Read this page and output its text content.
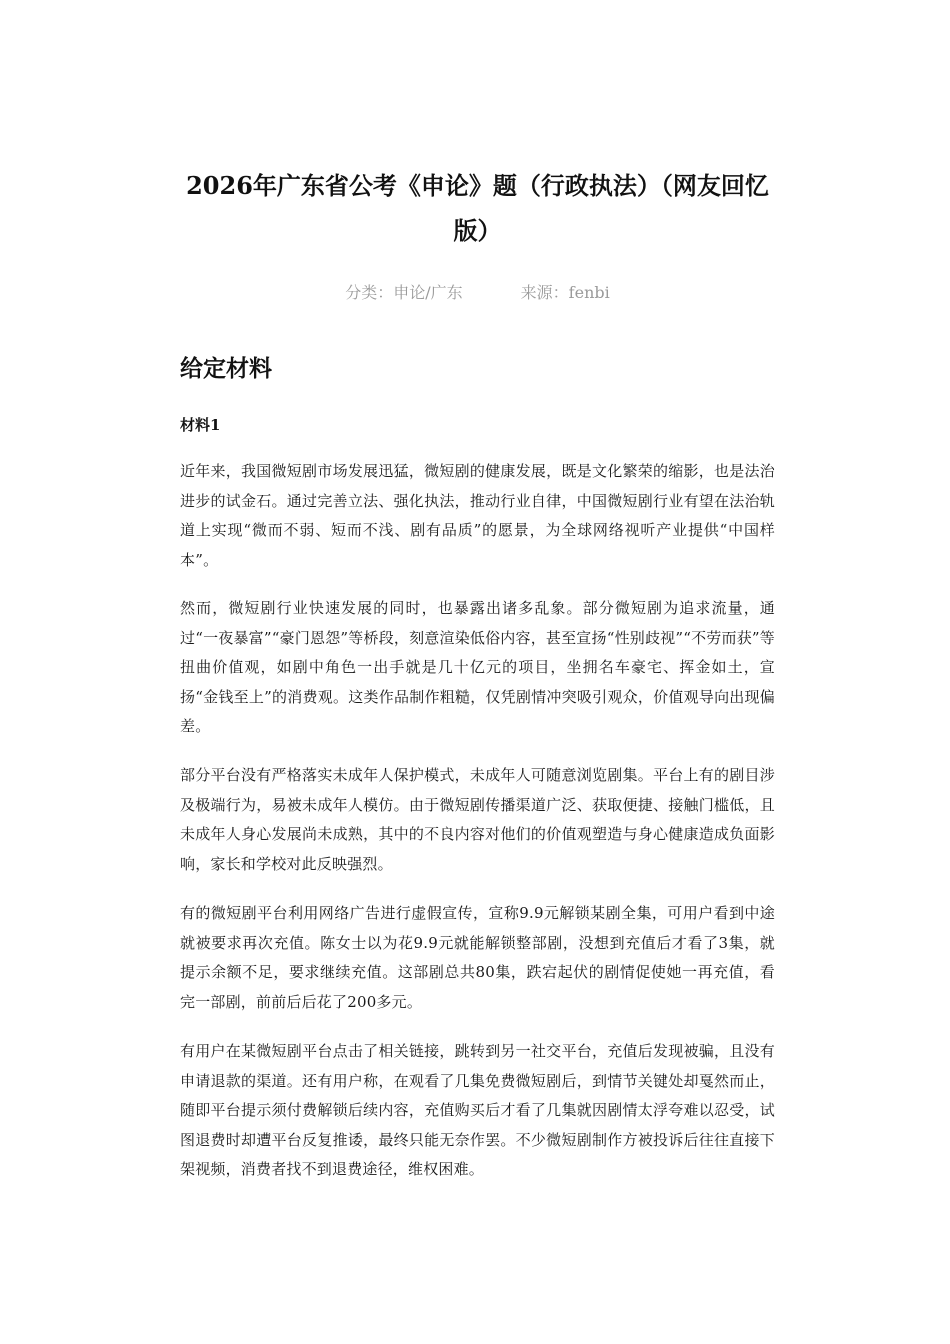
2026年广东省公考《申论》题（行政执法）（网友回忆版）
分类：申论/广东	来源：fenbi
给定材料
材料1
近年来，我国微短剧市场发展迅猛，微短剧的健康发展，既是文化繁荣的缩影，也是法治进步的试金石。通过完善立法、强化执法，推动行业自律，中国微短剧行业有望在法治轨道上实现“微而不弱、短而不浅、剧有品质”的愿景，为全球网络视听产业提供“中国样本”。
然而，微短剧行业快速发展的同时，也暴露出诸多乱象。部分微短剧为追求流量，通过“一夜暴富”“豪门恩怨”等桥段，刻意渲染低俗内容，甚至宣扬“性别歧视”“不劳而获”等扭曲价值观，如剧中角色一出手就是几十亿元的项目，坐拥名车豪宅、挥金如土，宣扬“金钱至上”的消费观。这类作品制作粗糙，仅凭剧情冲突吸引观众，价值观导向出现偏差。
部分平台没有严格落实未成年人保护模式，未成年人可随意浏览剧集。平台上有的剧目涉及极端行为，易被未成年人模仿。由于微短剧传播渠道广泛、获取便捷、接触门槛低，且未成年人身心发展尚未成熟，其中的不良内容对他们的价值观塑造与身心健康造成负面影响，家长和学校对此反映强烈。
有的微短剧平台利用网络广告进行虚假宣传，宣称9.9元解锁某剧全集，可用户看到中途就被要求再次充值。陈女士以为花9.9元就能解锁整部剧，没想到充值后才看了3集，就提示余额不足，要求继续充值。这部剧总共80集，跌宕起伏的剧情促使她一再充值，看完一部剧，前前后后花了200多元。
有用户在某微短剧平台点击了相关链接，跳转到另一社交平台，充值后发现被骗，且没有申请退款的渠道。还有用户称，在观看了几集免费微短剧后，到情节关键处却戛然而止，随即平台提示须付费解锁后续内容，充值购买后才看了几集就因剧情太浮夸难以忍受，试图退费时却遭平台反复推诿，最终只能无奈作罢。不少微短剧制作方被投诉后往往直接下架视频，消费者找不到退费途径，维权困难。
